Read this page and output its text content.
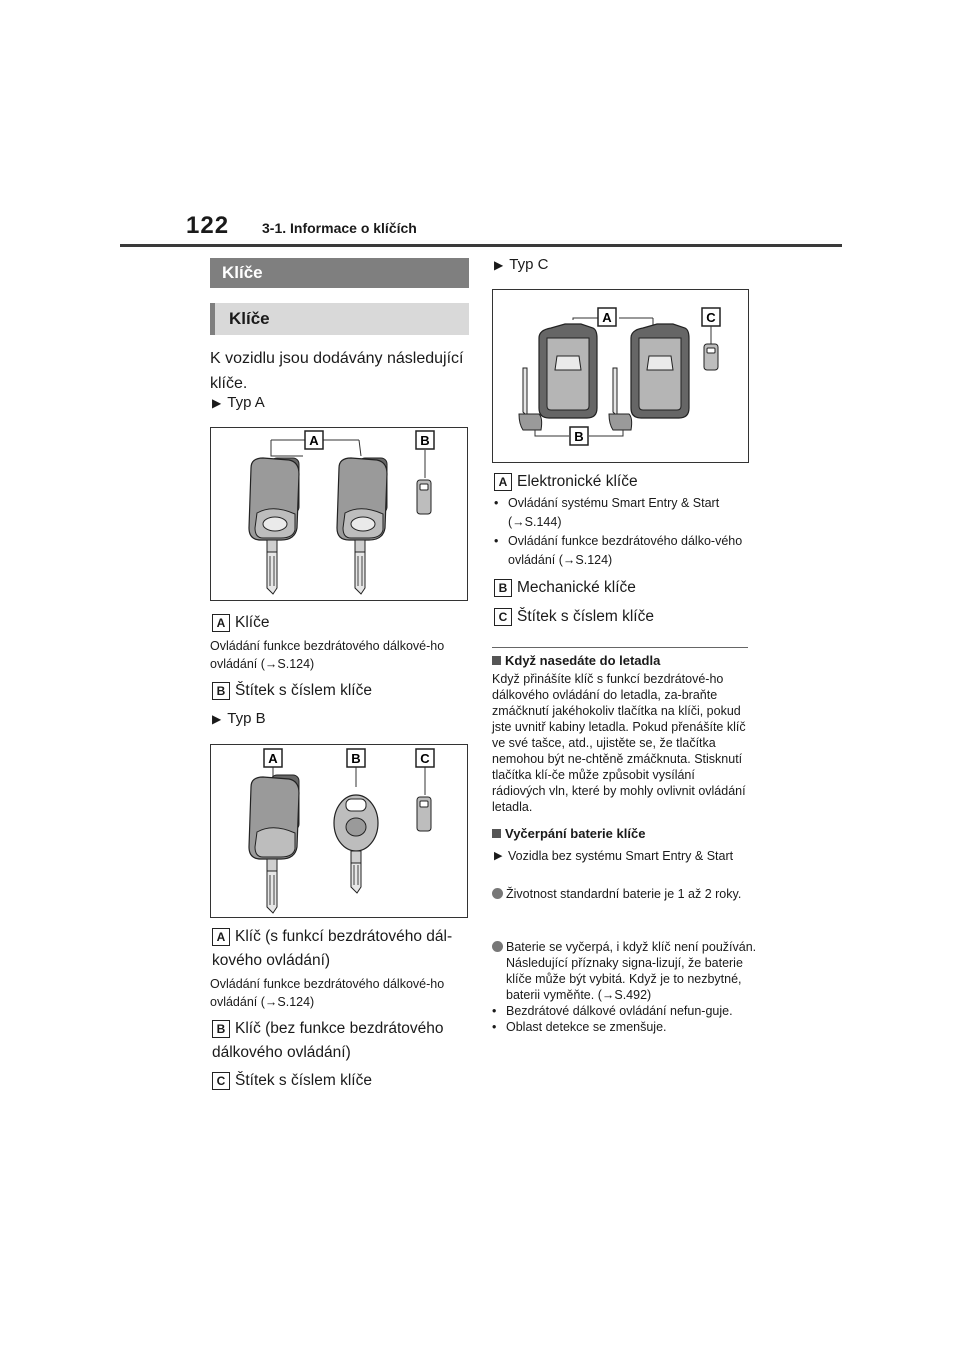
122 3-1. Informace o klíčích
Klíče
Klíče
K vozidlu jsou dodávány následující klíče.
▶ Typ A
A	B
A Klíče
Ovládání funkce bezdrátového dálkové-ho ovládání (→S.124)
B Štítek s číslem klíče
▶ Typ B
A	B	C
A Klíč (s funkcí bezdrátového dál-kového ovládání)
Ovládání funkce bezdrátového dálkové-ho ovládání (→S.124)
B Klíč (bez funkce bezdrátového dálkového ovládání)
C Štítek s číslem klíče
▶ Typ C
A	C
B
A Elektronické klíče
• Ovládání systému Smart Entry & Start (→S.144)
• Ovládání funkce bezdrátového dálko-vého ovládání (→S.124)
B Mechanické klíče
C Štítek s číslem klíče
Když nasedáte do letadla
Když přinášíte klíč s funkcí bezdrátové-ho dálkového ovládání do letadla, za-braňte zmáčknutí jakéhokoliv tlačítka na klíči, pokud jste uvnitř kabiny letadla. Pokud přenášíte klíč ve své tašce, atd., ujistěte se, že tlačítka nemohou být ne-chtěně zmáčknuta. Stisknutí tlačítka klí-če může způsobit vysílání rádiových vln, které by mohly ovlivnit ovládání letadla.
Vyčerpání baterie klíče
▶ Vozidla bez systému Smart Entry & Start
Životnost standardní baterie je 1 až 2 roky.
Baterie se vyčerpá, i když klíč není používán. Následující příznaky signa-lizují, že baterie klíče může být vybitá. Když je to nezbytné, baterii vyměňte. (→S.492)
• Bezdrátové dálkové ovládání nefun-guje.
• Oblast detekce se zmenšuje.
